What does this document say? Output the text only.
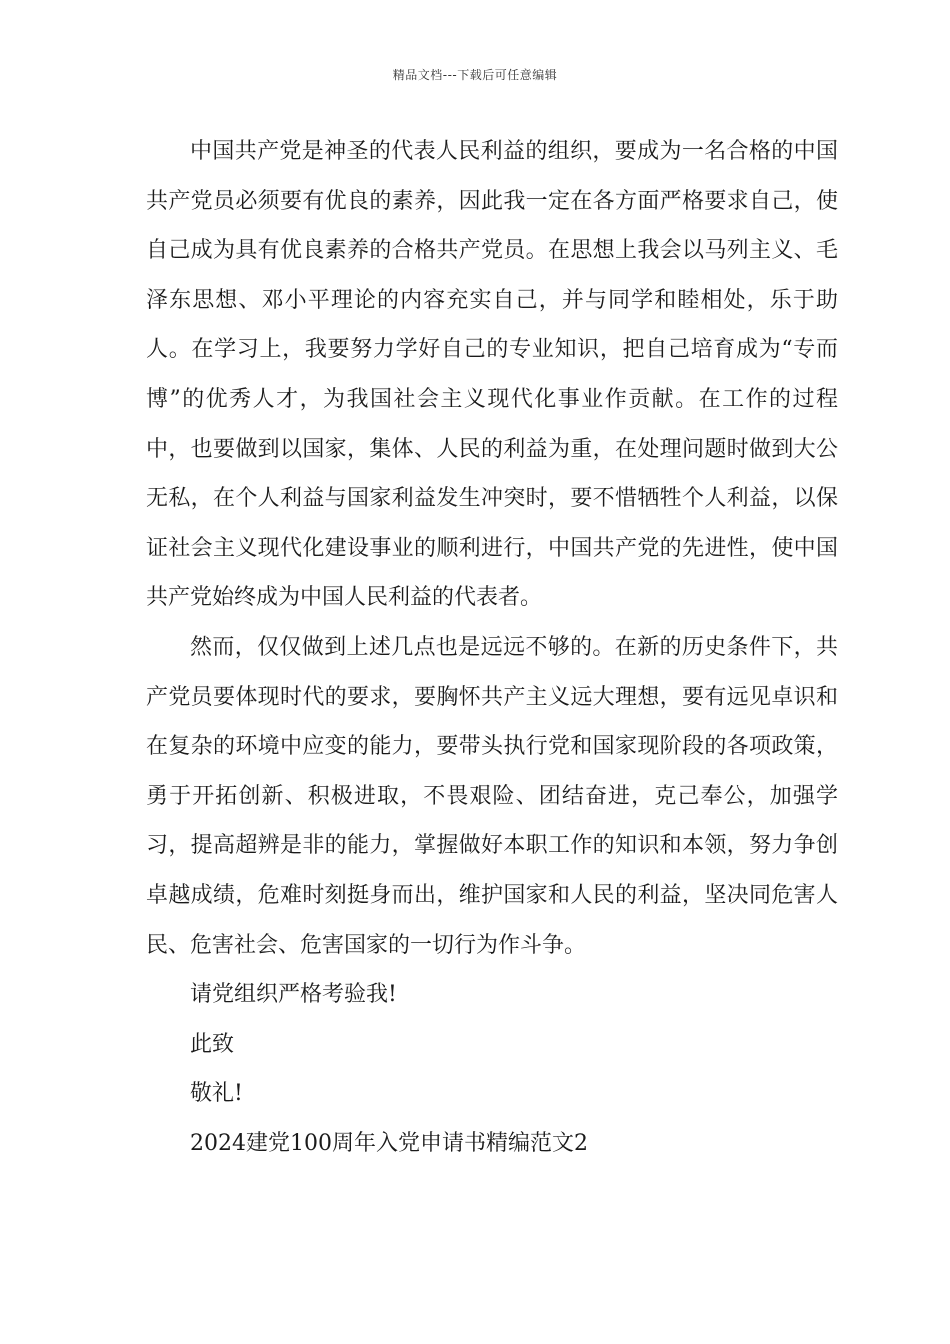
精品文档---下载后可任意编辑

中国共产党是神圣的代表人民利益的组织，要成为一名合格的中国共产党员必须要有优良的素养，因此我一定在各方面严格要求自己，使自己成为具有优良素养的合格共产党员。在思想上我会以马列主义、毛泽东思想、邓小平理论的内容充实自己，并与同学和睦相处，乐于助人。在学习上，我要努力学好自己的专业知识，把自己培育成为“专而博”的优秀人才，为我国社会主义现代化事业作贡献。在工作的过程中，也要做到以国家，集体、人民的利益为重，在处理问题时做到大公无私，在个人利益与国家利益发生冲突时，要不惜牺牲个人利益，以保证社会主义现代化建设事业的顺利进行，中国共产党的先进性，使中国共产党始终成为中国人民利益的代表者。

然而，仅仅做到上述几点也是远远不够的。在新的历史条件下，共产党员要体现时代的要求，要胸怀共产主义远大理想，要有远见卓识和在复杂的环境中应变的能力，要带头执行党和国家现阶段的各项政策，勇于开拓创新、积极进取，不畏艰险、团结奋进，克己奉公，加强学习，提高超辨是非的能力，掌握做好本职工作的知识和本领，努力争创卓越成绩，危难时刻挺身而出，维护国家和人民的利益，坚决同危害人民、危害社会、危害国家的一切行为作斗争。

请党组织严格考验我!

此致

敬礼!

2024建党100周年入党申请书精编范文2
